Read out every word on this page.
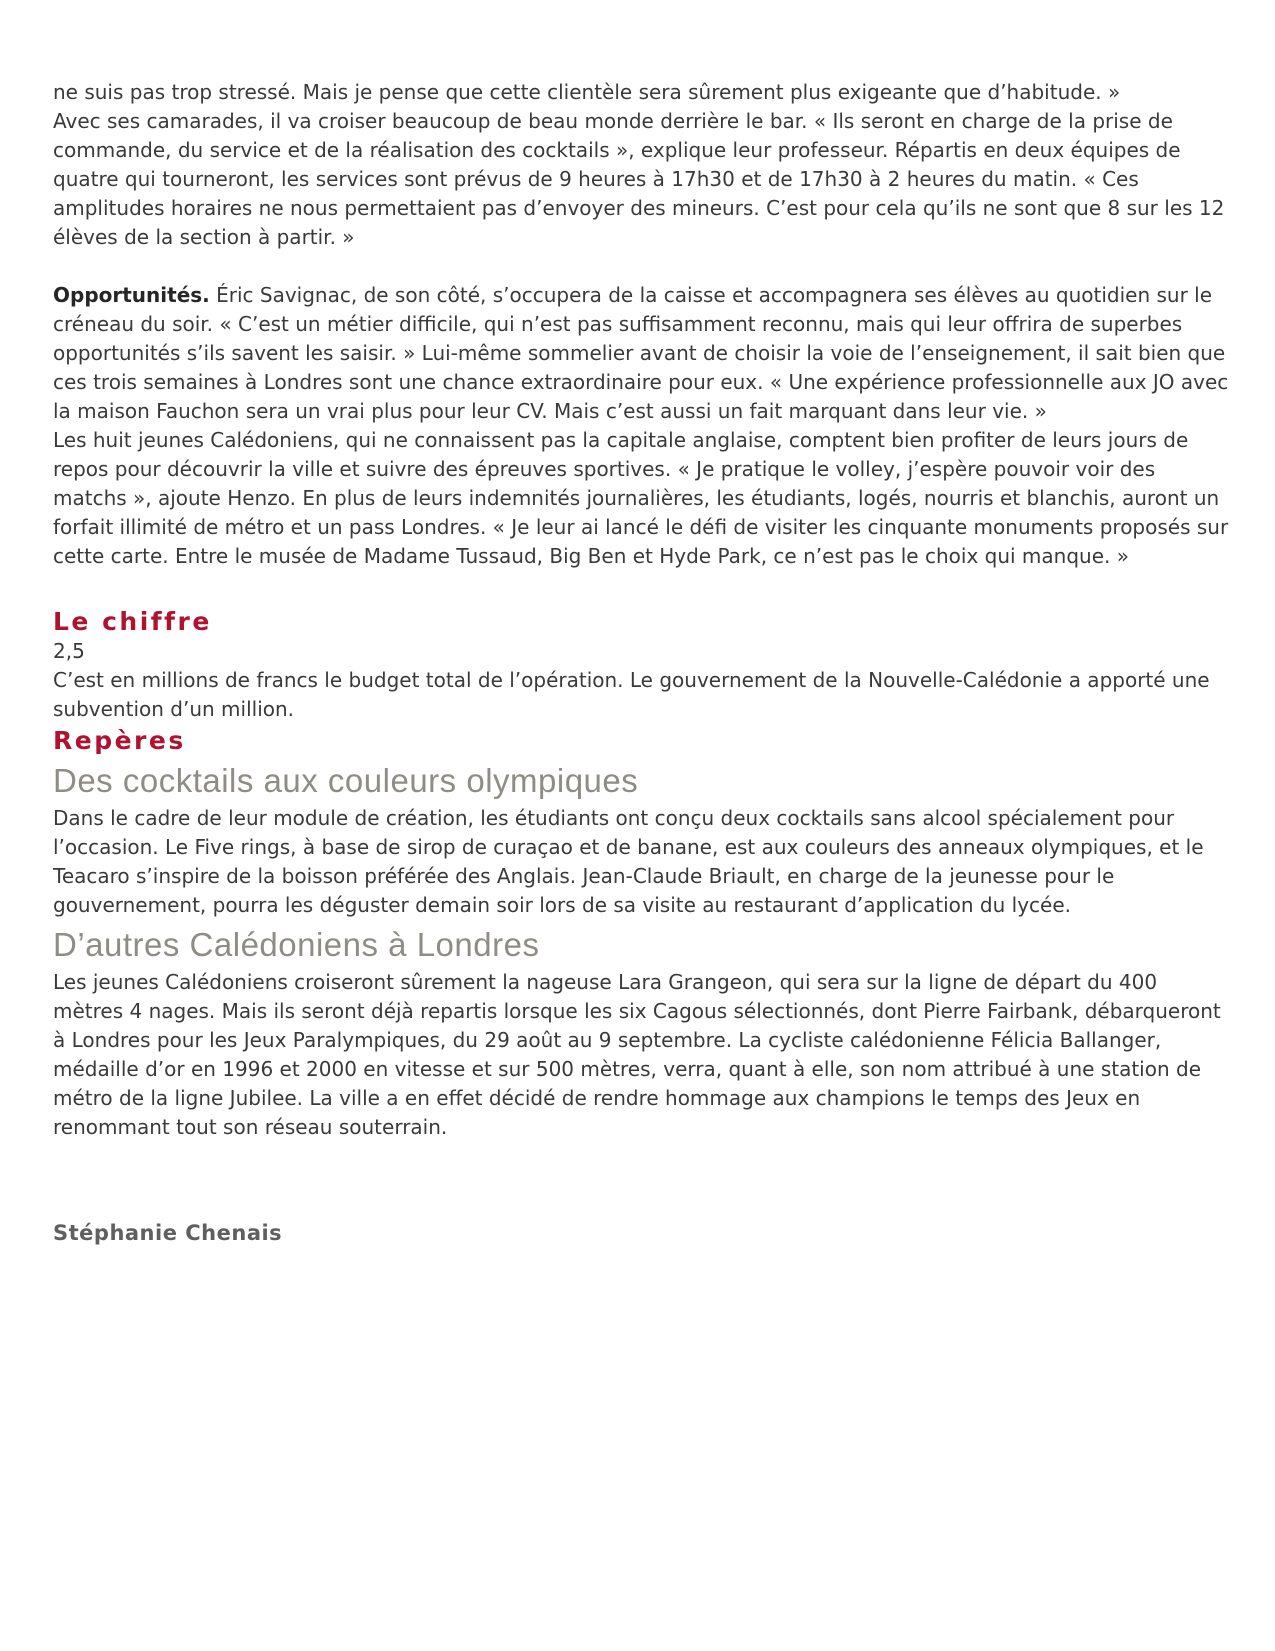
ne suis pas trop stressé. Mais je pense que cette clientèle sera sûrement plus exigeante que d’habitude. »

Avec ses camarades, il va croiser beaucoup de beau monde derrière le bar. « Ils seront en charge de la prise de commande, du service et de la réalisation des cocktails », explique leur professeur. Répartis en deux équipes de quatre qui tourneront, les services sont prévus de 9 heures à 17h30 et de 17h30 à 2 heures du matin. « Ces amplitudes horaires ne nous permettaient pas d’envoyer des mineurs. C’est pour cela qu’ils ne sont que 8 sur les 12 élèves de la section à partir. »

Opportunités. Éric Savignac, de son côté, s’occupera de la caisse et accompagnera ses élèves au quotidien sur le créneau du soir. « C’est un métier difficile, qui n’est pas suffisamment reconnu, mais qui leur offrira de superbes opportunités s’ils savent les saisir. » Lui-même sommelier avant de choisir la voie de l’enseignement, il sait bien que ces trois semaines à Londres sont une chance extraordinaire pour eux. « Une expérience professionnelle aux JO avec la maison Fauchon sera un vrai plus pour leur CV. Mais c’est aussi un fait marquant dans leur vie. »

Les huit jeunes Calédoniens, qui ne connaissent pas la capitale anglaise, comptent bien profiter de leurs jours de repos pour découvrir la ville et suivre des épreuves sportives. « Je pratique le volley, j’espère pouvoir voir des matchs », ajoute Henzo. En plus de leurs indemnités journalières, les étudiants, logés, nourris et blanchis, auront un forfait illimité de métro et un pass Londres. « Je leur ai lancé le défi de visiter les cinquante monuments proposés sur cette carte. Entre le musée de Madame Tussaud, Big Ben et Hyde Park, ce n’est pas le choix qui manque. »

Le chiffre

2,5

C’est en millions de francs le budget total de l’opération. Le gouvernement de la Nouvelle-Calédonie a apporté une subvention d’un million.

Repères
Des cocktails aux couleurs olympiques

Dans le cadre de leur module de création, les étudiants ont conçu deux cocktails sans alcool spécialement pour l’occasion. Le Five rings, à base de sirop de curaçao et de banane, est aux couleurs des anneaux olympiques, et le Teacaro s’inspire de la boisson préférée des Anglais. Jean-Claude Briault, en charge de la jeunesse pour le gouvernement, pourra les déguster demain soir lors de sa visite au restaurant d’application du lycée.

D’autres Calédoniens à Londres

Les jeunes Calédoniens croiseront sûrement la nageuse Lara Grangeon, qui sera sur la ligne de départ du 400 mètres 4 nages. Mais ils seront déjà repartis lorsque les six Cagous sélectionnés, dont Pierre Fairbank, débarqueront à Londres pour les Jeux Paralympiques, du 29 août au 9 septembre. La cycliste calédonienne Félicia Ballanger, médaille d’or en 1996 et 2000 en vitesse et sur 500 mètres, verra, quant à elle, son nom attribué à une station de métro de la ligne Jubilee. La ville a en effet décidé de rendre hommage aux champions le temps des Jeux en renommant tout son réseau souterrain.

Stéphanie Chenais
